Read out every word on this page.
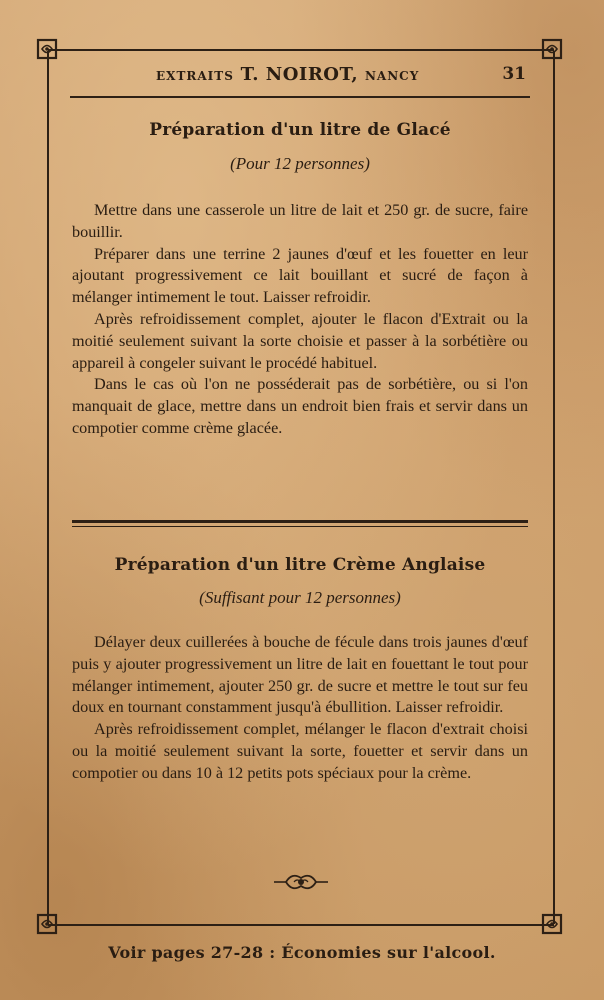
EXTRAITS T. NOIROT, NANCY	31
Préparation d'un litre de Glacé
(Pour 12 personnes)

Mettre dans une casserole un litre de lait et 250 gr. de sucre, faire bouillir.

Préparer dans une terrine 2 jaunes d'œuf et les fouetter en leur ajoutant progressivement ce lait bouillant et sucré de façon à mélanger intimement le tout. Laisser refroidir.

Après refroidissement complet, ajouter le flacon d'Extrait ou la moitié seulement suivant la sorte choisie et passer à la sorbétière ou appareil à congeler suivant le procédé habituel.

Dans le cas où l'on ne posséderait pas de sorbétière, ou si l'on manquait de glace, mettre dans un endroit bien frais et servir dans un compotier comme crème glacée.

Préparation d'un litre Crème Anglaise
(Suffisant pour 12 personnes)

Délayer deux cuillerées à bouche de fécule dans trois jaunes d'œuf puis y ajouter progressivement un litre de lait en fouettant le tout pour mélanger intimement, ajouter 250 gr. de sucre et mettre le tout sur feu doux en tournant constamment jusqu'à ébullition. Laisser refroidir.

Après refroidissement complet, mélanger le flacon d'extrait choisi ou la moitié seulement suivant la sorte, fouetter et servir dans un compotier ou dans 10 à 12 petits pots spéciaux pour la crème.

Voir pages 27-28 : Économies sur l'alcool.
